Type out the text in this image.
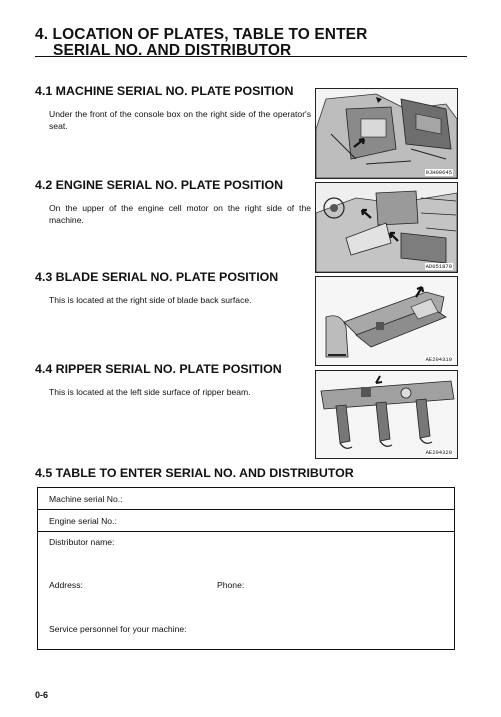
4. LOCATION OF PLATES, TABLE TO ENTER
SERIAL NO. AND DISTRIBUTOR
4.1 MACHINE SERIAL NO. PLATE POSITION

Under the front of the console box on the right side of the operator's seat.

9JH00645
4.2 ENGINE SERIAL NO. PLATE POSITION

On the upper of the engine cell motor on the right side of the machine.

AD051870
4.3 BLADE SERIAL NO. PLATE POSITION

This is located at the right side of blade back surface.

AE204310
4.4 RIPPER SERIAL NO. PLATE POSITION

This is located at the left side surface of ripper beam.

AE204320
4.5 TABLE TO ENTER SERIAL NO. AND DISTRIBUTOR
Machine serial No.:
Engine serial No.:
Distributor name:
Address:	Phone:
Service personnel for your machine:
0-6
